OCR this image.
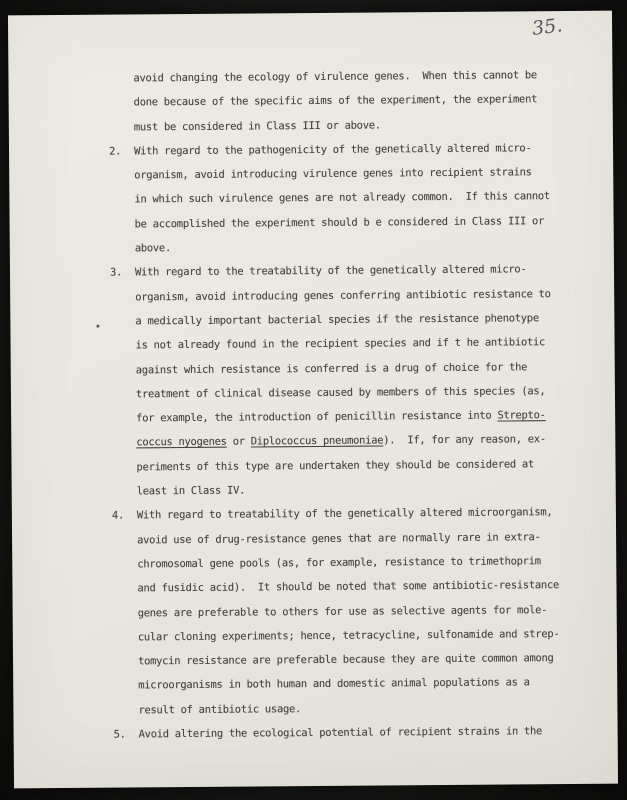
35.
avoid changing the ecology of virulence genes.  When this cannot be
done because of the specific aims of the experiment, the experiment
must be considered in Class III or above.
2. With regard to the pathogenicity of the genetically altered micro-
organism, avoid introducing virulence genes into recipient strains
in which such virulence genes are not already common.  If this cannot
be accomplished the experiment should b e considered in Class III or
above.
3. With regard to the treatability of the genetically altered micro-
organism, avoid introducing genes conferring antibiotic resistance to
a medically important bacterial species if the resistance phenotype
is not already found in the recipient species and if t he antibiotic
against which resistance is conferred is a drug of choice for the
treatment of clinical disease caused by members of this species (as,
for example, the introduction of penicillin resistance into Strepto-
coccus nyogenes or Diplococcus pneumoniae).  If, for any reason, ex-
periments of this type are undertaken they should be considered at
least in Class IV.
4. With regard to treatability of the genetically altered microorganism,
avoid use of drug-resistance genes that are normally rare in extra-
chromosomal gene pools (as, for example, resistance to trimethoprim
and fusidic acid).  It should be noted that some antibiotic-resistance
genes are preferable to others for use as selective agents for mole-
cular cloning experiments; hence, tetracycline, sulfonamide and strep-
tomycin resistance are preferable because they are quite common among
microorganisms in both human and domestic animal populations as a
result of antibiotic usage.
5. Avoid altering the ecological potential of recipient strains in the
